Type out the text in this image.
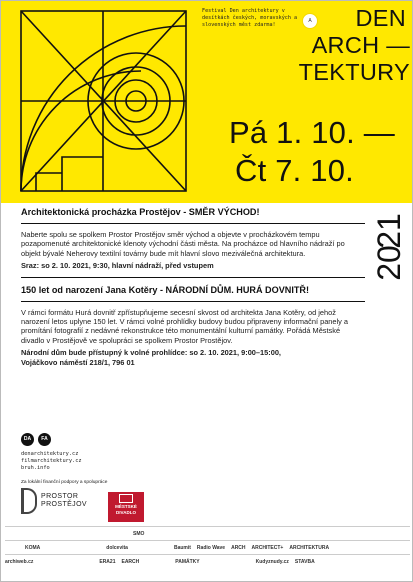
Festival Den architektury v desítkách českých, moravských a slovenských měst zdarma!
A	DEN
ARCH —
TEKTURY
Pá 1. 10. —
Čt 7. 10.
21
20
Architektonická procházka Prostějov - SMĚR VÝCHOD!
Naberte spolu se spolkem Prostor Prostějov směr východ a objevte v procházkovém tempu pozapomenuté architektonické klenoty východní části města. Na procházce od hlavního nádraží po objekt bývalé Neherovy textilní továrny bude mít hlavní slovo meziválečná architektura.
Sraz: so 2. 10. 2021, 9:30, hlavní nádraží, před vstupem
150 let od narození Jana Kotěry - NÁRODNÍ DŮM. HURÁ DOVNITŘ!
V rámci formátu Hurá dovnitř zpřístupňujeme secesní skvost od architekta Jana Kotěry, od jehož narození letos uplyne 150 let. V rámci volné prohlídky budovy budou připraveny informační panely a promítání fotografií z nedávné rekonstrukce této monumentální kulturní památky. Pořádá Městské divadlo v Prostějově ve spolupráci se spolkem Prostor Prostějov.
Národní dům bude přístupný k volné prohlídce: so 2. 10. 2021, 9:00–15:00,
Vojáčkovo náměstí 218/1, 796 01
DA	FA
denarchitektury.cz
filmarchitektury.cz
bruh.info
Za lokální finanční podpory a spolupráce
PROSTOR
PROSTĚJOV	MĚSTSKÉ
DIVADLO
SMO
KOMA	dolcevita	Baumit Radio Wave ARCH ARCHITECT+ ARCHITEKTURA
archiweb.cz	ERA21 EARCH	PAMÁTKY	Kudyznudy.cz STAVBA
